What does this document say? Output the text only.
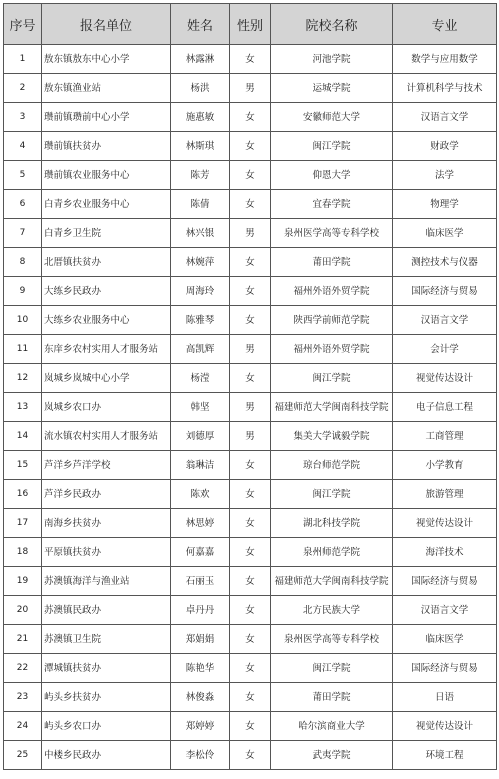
序号	报名单位	姓名	性别	院校名称	专业
1	敖东镇敖东中心小学	林露淋	女	河池学院	数学与应用数学
2	敖东镇渔业站	杨洪	男	运城学院	计算机科学与技术
3	瓒前镇瓒前中心小学	施惠敏	女	安徽师范大学	汉语言文学
4	瓒前镇扶贫办	林斯琪	女	闽江学院	财政学
5	瓒前镇农业服务中心	陈芳	女	仰恩大学	法学
6	白青乡农业服务中心	陈倩	女	宜春学院	物理学
7	白青乡卫生院	林兴银	男	泉州医学高等专科学校	临床医学
8	北厝镇扶贫办	林婉萍	女	莆田学院	测控技术与仪器
9	大练乡民政办	周海玲	女	福州外语外贸学院	国际经济与贸易
10	大练乡农业服务中心	陈雅琴	女	陕西学前师范学院	汉语言文学
11	东庠乡农村实用人才服务站	高凯辉	男	福州外语外贸学院	会计学
12	岚城乡岚城中心小学	杨滢	女	闽江学院	视觉传达设计
13	岚城乡农口办	韩坚	男	福建师范大学闽南科技学院	电子信息工程
14	流水镇农村实用人才服务站	刘德厚	男	集美大学诚毅学院	工商管理
15	芦洋乡芦洋学校	翁琳洁	女	琼台师范学院	小学教育
16	芦洋乡民政办	陈欢	女	闽江学院	旅游管理
17	南海乡扶贫办	林思婷	女	湖北科技学院	视觉传达设计
18	平原镇扶贫办	何嘉嘉	女	泉州师范学院	海洋技术
19	苏澳镇海洋与渔业站	石丽玉	女	福建师范大学闽南科技学院	国际经济与贸易
20	苏澳镇民政办	卓丹丹	女	北方民族大学	汉语言文学
21	苏澳镇卫生院	郑娟娟	女	泉州医学高等专科学校	临床医学
22	潭城镇扶贫办	陈艳华	女	闽江学院	国际经济与贸易
23	屿头乡扶贫办	林俊淼	女	莆田学院	日语
24	屿头乡农口办	郑婷婷	女	哈尔滨商业大学	视觉传达设计
25	中楼乡民政办	李松伶	女	武夷学院	环境工程
